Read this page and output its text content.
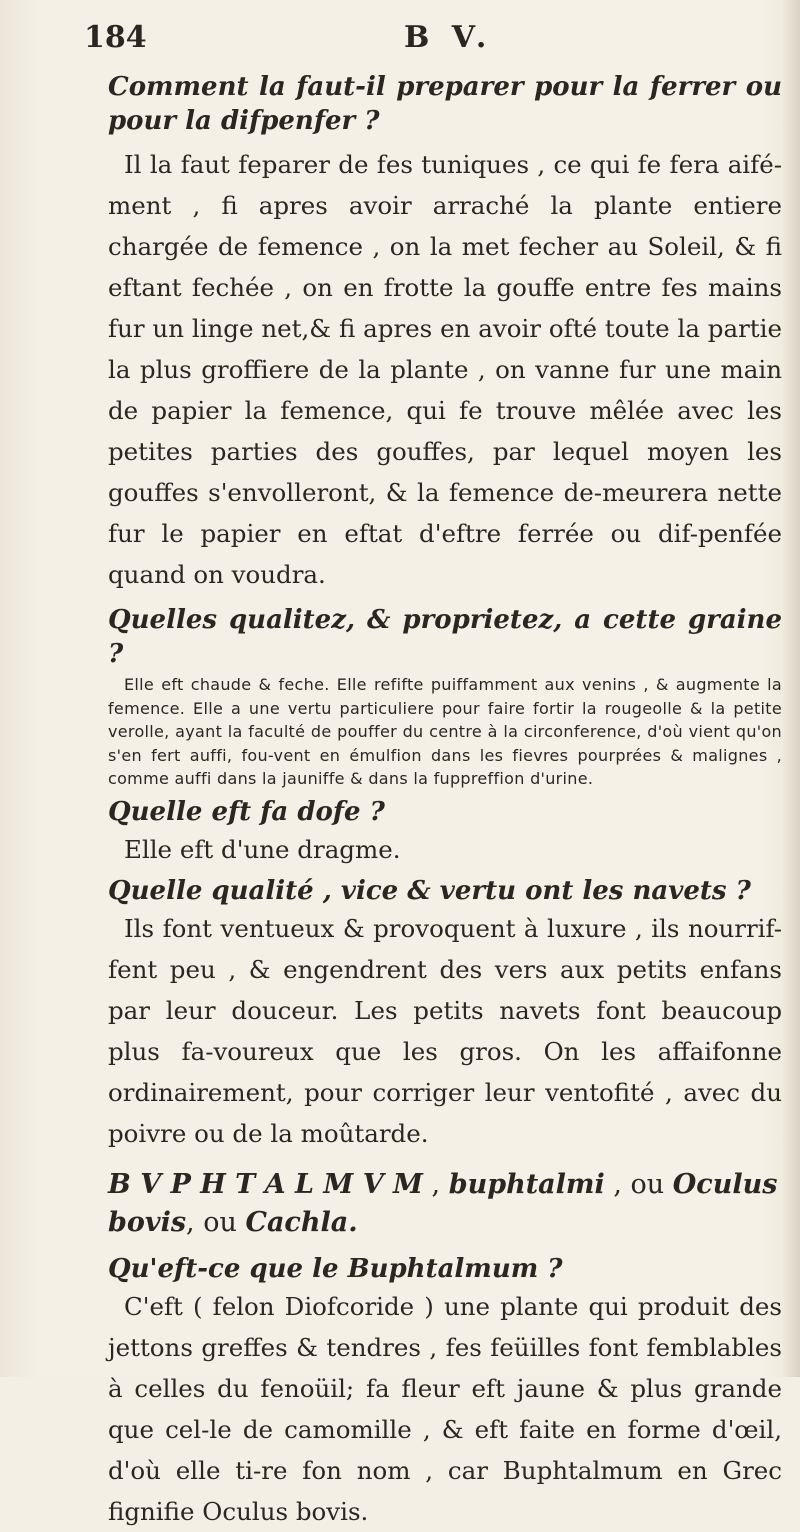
184	B V.

Comment la faut-il preparer pour la ferrer ou pour la difpenfer ?

Il la faut feparer de fes tuniques , ce qui fe fera aifé-ment , fi apres avoir arraché la plante entiere chargée de femence , on la met fecher au Soleil, & fi eftant fechée , on en frotte la gouffe entre fes mains fur un linge net,& fi apres en avoir ofté toute la partie la plus groffiere de la plante , on vanne fur une main de papier la femence, qui fe trouve mêlée avec les petites parties des gouffes, par lequel moyen les gouffes s'envolleront, & la femence de-meurera nette fur le papier en eftat d'eftre ferrée ou dif-penfée quand on voudra.

Quelles qualitez, & proprietez, a cette graine ?

Elle eft chaude & feche. Elle refifte puiffamment aux venins , & augmente la femence. Elle a une vertu particuliere pour faire fortir la rougeolle & la petite verolle, ayant la faculté de pouffer du centre à la circonference, d'où vient qu'on s'en fert auffi, fou-vent en émulfion dans les fievres pourprées & malignes , comme auffi dans la jauniffe & dans la fuppreffion d'urine.

Quelle eft fa dofe ?

Elle eft d'une dragme.

Quelle qualité , vice & vertu ont les navets ?

Ils font ventueux & provoquent à luxure , ils nourrif-fent peu , & engendrent des vers aux petits enfans par leur douceur. Les petits navets font beaucoup plus fa-voureux que les gros. On les affaifonne ordinairement, pour corriger leur ventofité , avec du poivre ou de la moûtarde.

B V P H T A L M V M , buphtalmi , ou Oculus bovis, ou Cachla.

Qu'eft-ce que le Buphtalmum ?

C'eft ( felon Diofcoride ) une plante qui produit des jettons greffes & tendres , fes feüilles font femblables à celles du fenoüil; fa fleur eft jaune & plus grande que cel-le de camomille , & eft faite en forme d'œil, d'où elle ti-re fon nom , car Buphtalmum en Grec fignifie Oculus bovis.
